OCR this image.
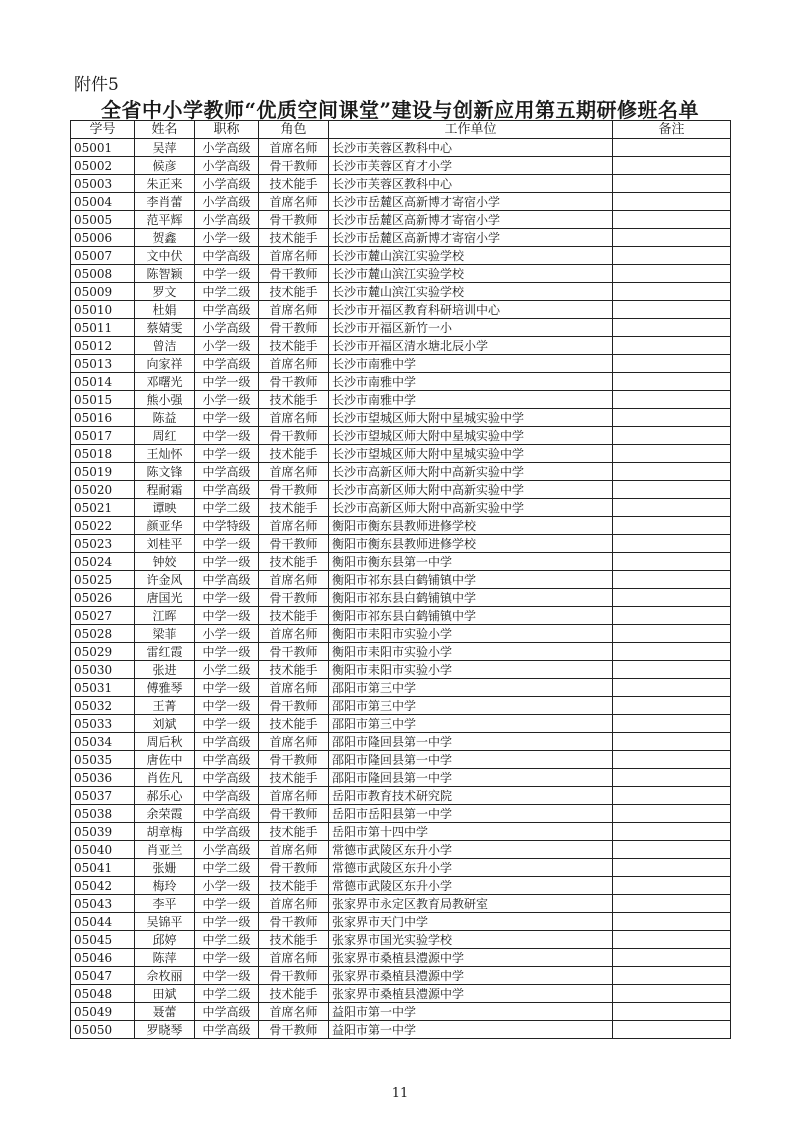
附件5
全省中小学教师“优质空间课堂”建设与创新应用第五期研修班名单
学号	姓名	职称	角色	工作单位	备注
05001	吴萍	小学高级	首席名师	长沙市芙蓉区教科中心	
05002	候彦	小学高级	骨干教师	长沙市芙蓉区育才小学	
05003	朱正来	小学高级	技术能手	长沙市芙蓉区教科中心	
05004	李肖蕾	小学高级	首席名师	长沙市岳麓区高新博才寄宿小学	
05005	范平辉	小学高级	骨干教师	长沙市岳麓区高新博才寄宿小学	
05006	贺鑫	小学一级	技术能手	长沙市岳麓区高新博才寄宿小学	
05007	文中伏	中学高级	首席名师	长沙市麓山滨江实验学校	
05008	陈智颖	中学一级	骨干教师	长沙市麓山滨江实验学校	
05009	罗文	中学二级	技术能手	长沙市麓山滨江实验学校	
05010	杜娟	中学高级	首席名师	长沙市开福区教育科研培训中心	
05011	蔡婧雯	小学高级	骨干教师	长沙市开福区新竹一小	
05012	曾洁	小学一级	技术能手	长沙市开福区清水塘北辰小学	
05013	向家祥	中学高级	首席名师	长沙市南雅中学	
05014	邓曙光	中学一级	骨干教师	长沙市南雅中学	
05015	熊小强	小学一级	技术能手	长沙市南雅中学	
05016	陈益	中学一级	首席名师	长沙市望城区师大附中星城实验中学	
05017	周红	中学一级	骨干教师	长沙市望城区师大附中星城实验中学	
05018	王灿怀	中学一级	技术能手	长沙市望城区师大附中星城实验中学	
05019	陈文锋	中学高级	首席名师	长沙市高新区师大附中高新实验中学	
05020	程耐霜	中学高级	骨干教师	长沙市高新区师大附中高新实验中学	
05021	谭映	中学二级	技术能手	长沙市高新区师大附中高新实验中学	
05022	颜亚华	中学特级	首席名师	衡阳市衡东县教师进修学校	
05023	刘桂平	中学一级	骨干教师	衡阳市衡东县教师进修学校	
05024	钟姣	中学一级	技术能手	衡阳市衡东县第一中学	
05025	许金风	中学高级	首席名师	衡阳市祁东县白鹤铺镇中学	
05026	唐国光	中学一级	骨干教师	衡阳市祁东县白鹤铺镇中学	
05027	江晖	中学一级	技术能手	衡阳市祁东县白鹤铺镇中学	
05028	梁菲	小学一级	首席名师	衡阳市耒阳市实验小学	
05029	雷红霞	中学一级	骨干教师	衡阳市耒阳市实验小学	
05030	张进	小学二级	技术能手	衡阳市耒阳市实验小学	
05031	傅雅琴	中学一级	首席名师	邵阳市第三中学	
05032	王菁	中学一级	骨干教师	邵阳市第三中学	
05033	刘斌	中学一级	技术能手	邵阳市第三中学	
05034	周后秋	中学高级	首席名师	邵阳市隆回县第一中学	
05035	唐佐中	中学高级	骨干教师	邵阳市隆回县第一中学	
05036	肖佐凡	中学高级	技术能手	邵阳市隆回县第一中学	
05037	郝乐心	中学高级	首席名师	岳阳市教育技术研究院	
05038	余荣霞	中学高级	骨干教师	岳阳市岳阳县第一中学	
05039	胡章梅	中学高级	技术能手	岳阳市第十四中学	
05040	肖亚兰	小学高级	首席名师	常德市武陵区东升小学	
05041	张姗	中学二级	骨干教师	常德市武陵区东升小学	
05042	梅玲	小学一级	技术能手	常德市武陵区东升小学	
05043	李平	中学一级	首席名师	张家界市永定区教育局教研室	
05044	吴锦平	中学一级	骨干教师	张家界市天门中学	
05045	邱婷	中学二级	技术能手	张家界市国光实验学校	
05046	陈萍	中学一级	首席名师	张家界市桑植县澧源中学	
05047	佘枚丽	中学一级	骨干教师	张家界市桑植县澧源中学	
05048	田斌	中学二级	技术能手	张家界市桑植县澧源中学	
05049	聂蕾	中学高级	首席名师	益阳市第一中学	
05050	罗晓琴	中学高级	骨干教师	益阳市第一中学	
11
